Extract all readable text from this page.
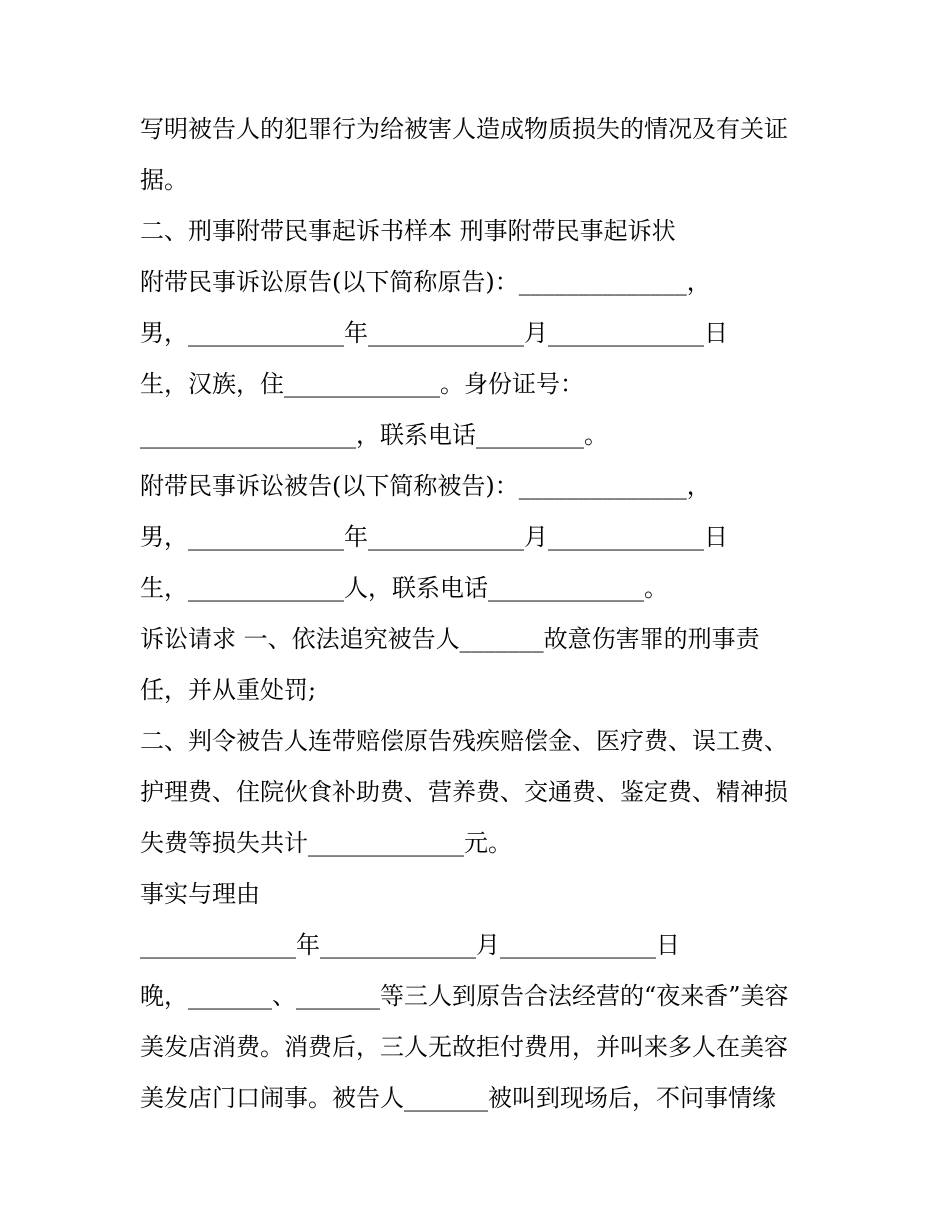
写明被告人的犯罪行为给被害人造成物质损失的情况及有关证
据。
二、刑事附带民事起诉书样本 刑事附带民事起诉状
附带民事诉讼原告(以下简称原告)：______________，
男，_____________年_____________月_____________日
生，汉族，住_____________。身份证号：
__________________，联系电话_________。
附带民事诉讼被告(以下简称被告)：______________，
男，_____________年_____________月_____________日
生，_____________人，联系电话_____________。
诉讼请求 一、依法追究被告人_______故意伤害罪的刑事责
任，并从重处罚;
二、判令被告人连带赔偿原告残疾赔偿金、医疗费、误工费、
护理费、住院伙食补助费、营养费、交通费、鉴定费、精神损
失费等损失共计_____________元。
事实与理由
_____________年_____________月_____________日
晚，_______、_______等三人到原告合法经营的“夜来香”美容
美发店消费。消费后，三人无故拒付费用，并叫来多人在美容
美发店门口闹事。被告人_______被叫到现场后，不问事情缘
